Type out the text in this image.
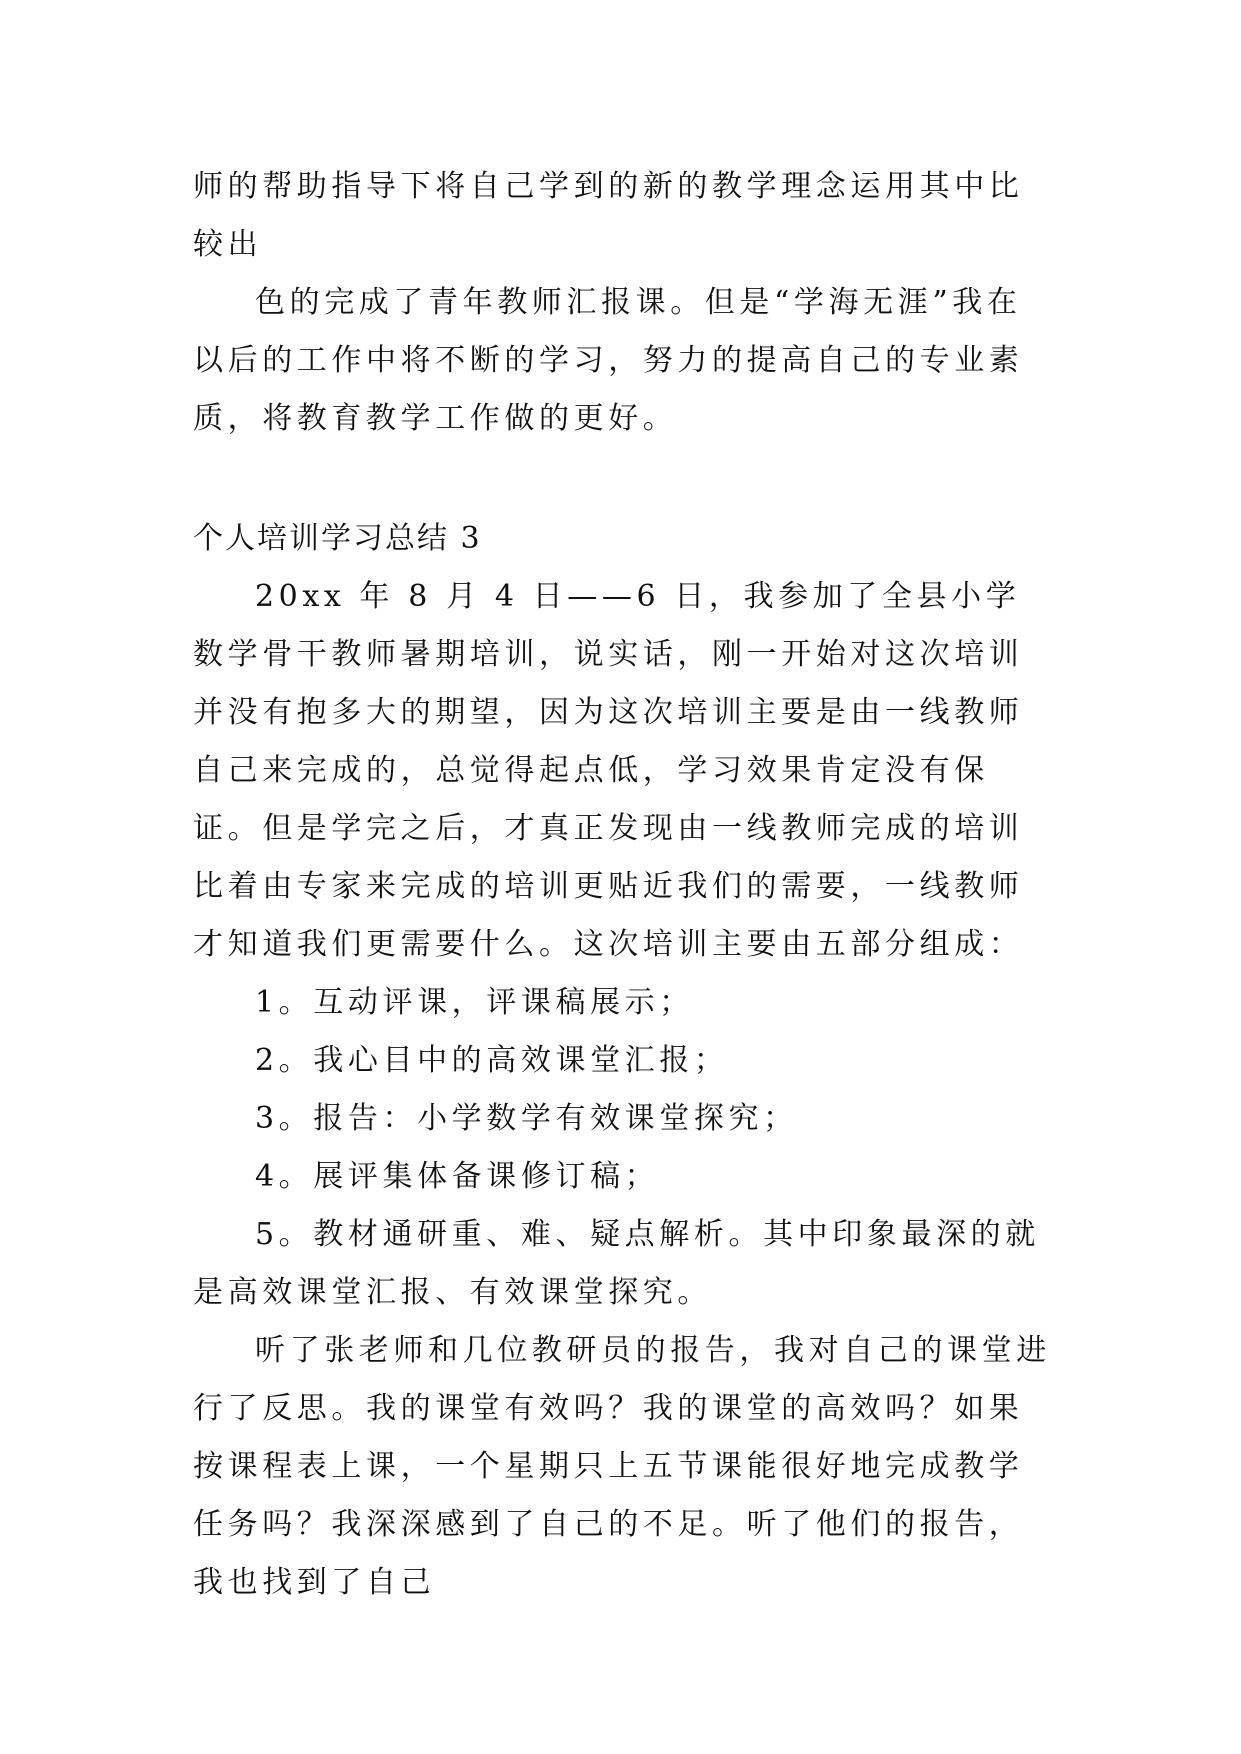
师的帮助指导下将自己学到的新的教学理念运用其中比较出
色的完成了青年教师汇报课。但是“学海无涯”我在以后的工作中将不断的学习，努力的提高自己的专业素质，将教育教学工作做的更好。
个人培训学习总结 3
20xx 年 8 月 4 日——6 日，我参加了全县小学数学骨干教师暑期培训，说实话，刚一开始对这次培训并没有抱多大的期望，因为这次培训主要是由一线教师自己来完成的，总觉得起点低，学习效果肯定没有保证。但是学完之后，才真正发现由一线教师完成的培训比着由专家来完成的培训更贴近我们的需要，一线教师才知道我们更需要什么。这次培训主要由五部分组成：
1。互动评课，评课稿展示；
2。我心目中的高效课堂汇报；
3。报告：小学数学有效课堂探究；
4。展评集体备课修订稿；
5。教材通研重、难、疑点解析。其中印象最深的就是高效课堂汇报、有效课堂探究。
听了张老师和几位教研员的报告，我对自己的课堂进行了反思。我的课堂有效吗？我的课堂的高效吗？如果按课程表上课，一个星期只上五节课能很好地完成教学任务吗？我深深感到了自己的不足。听了他们的报告，我也找到了自己
